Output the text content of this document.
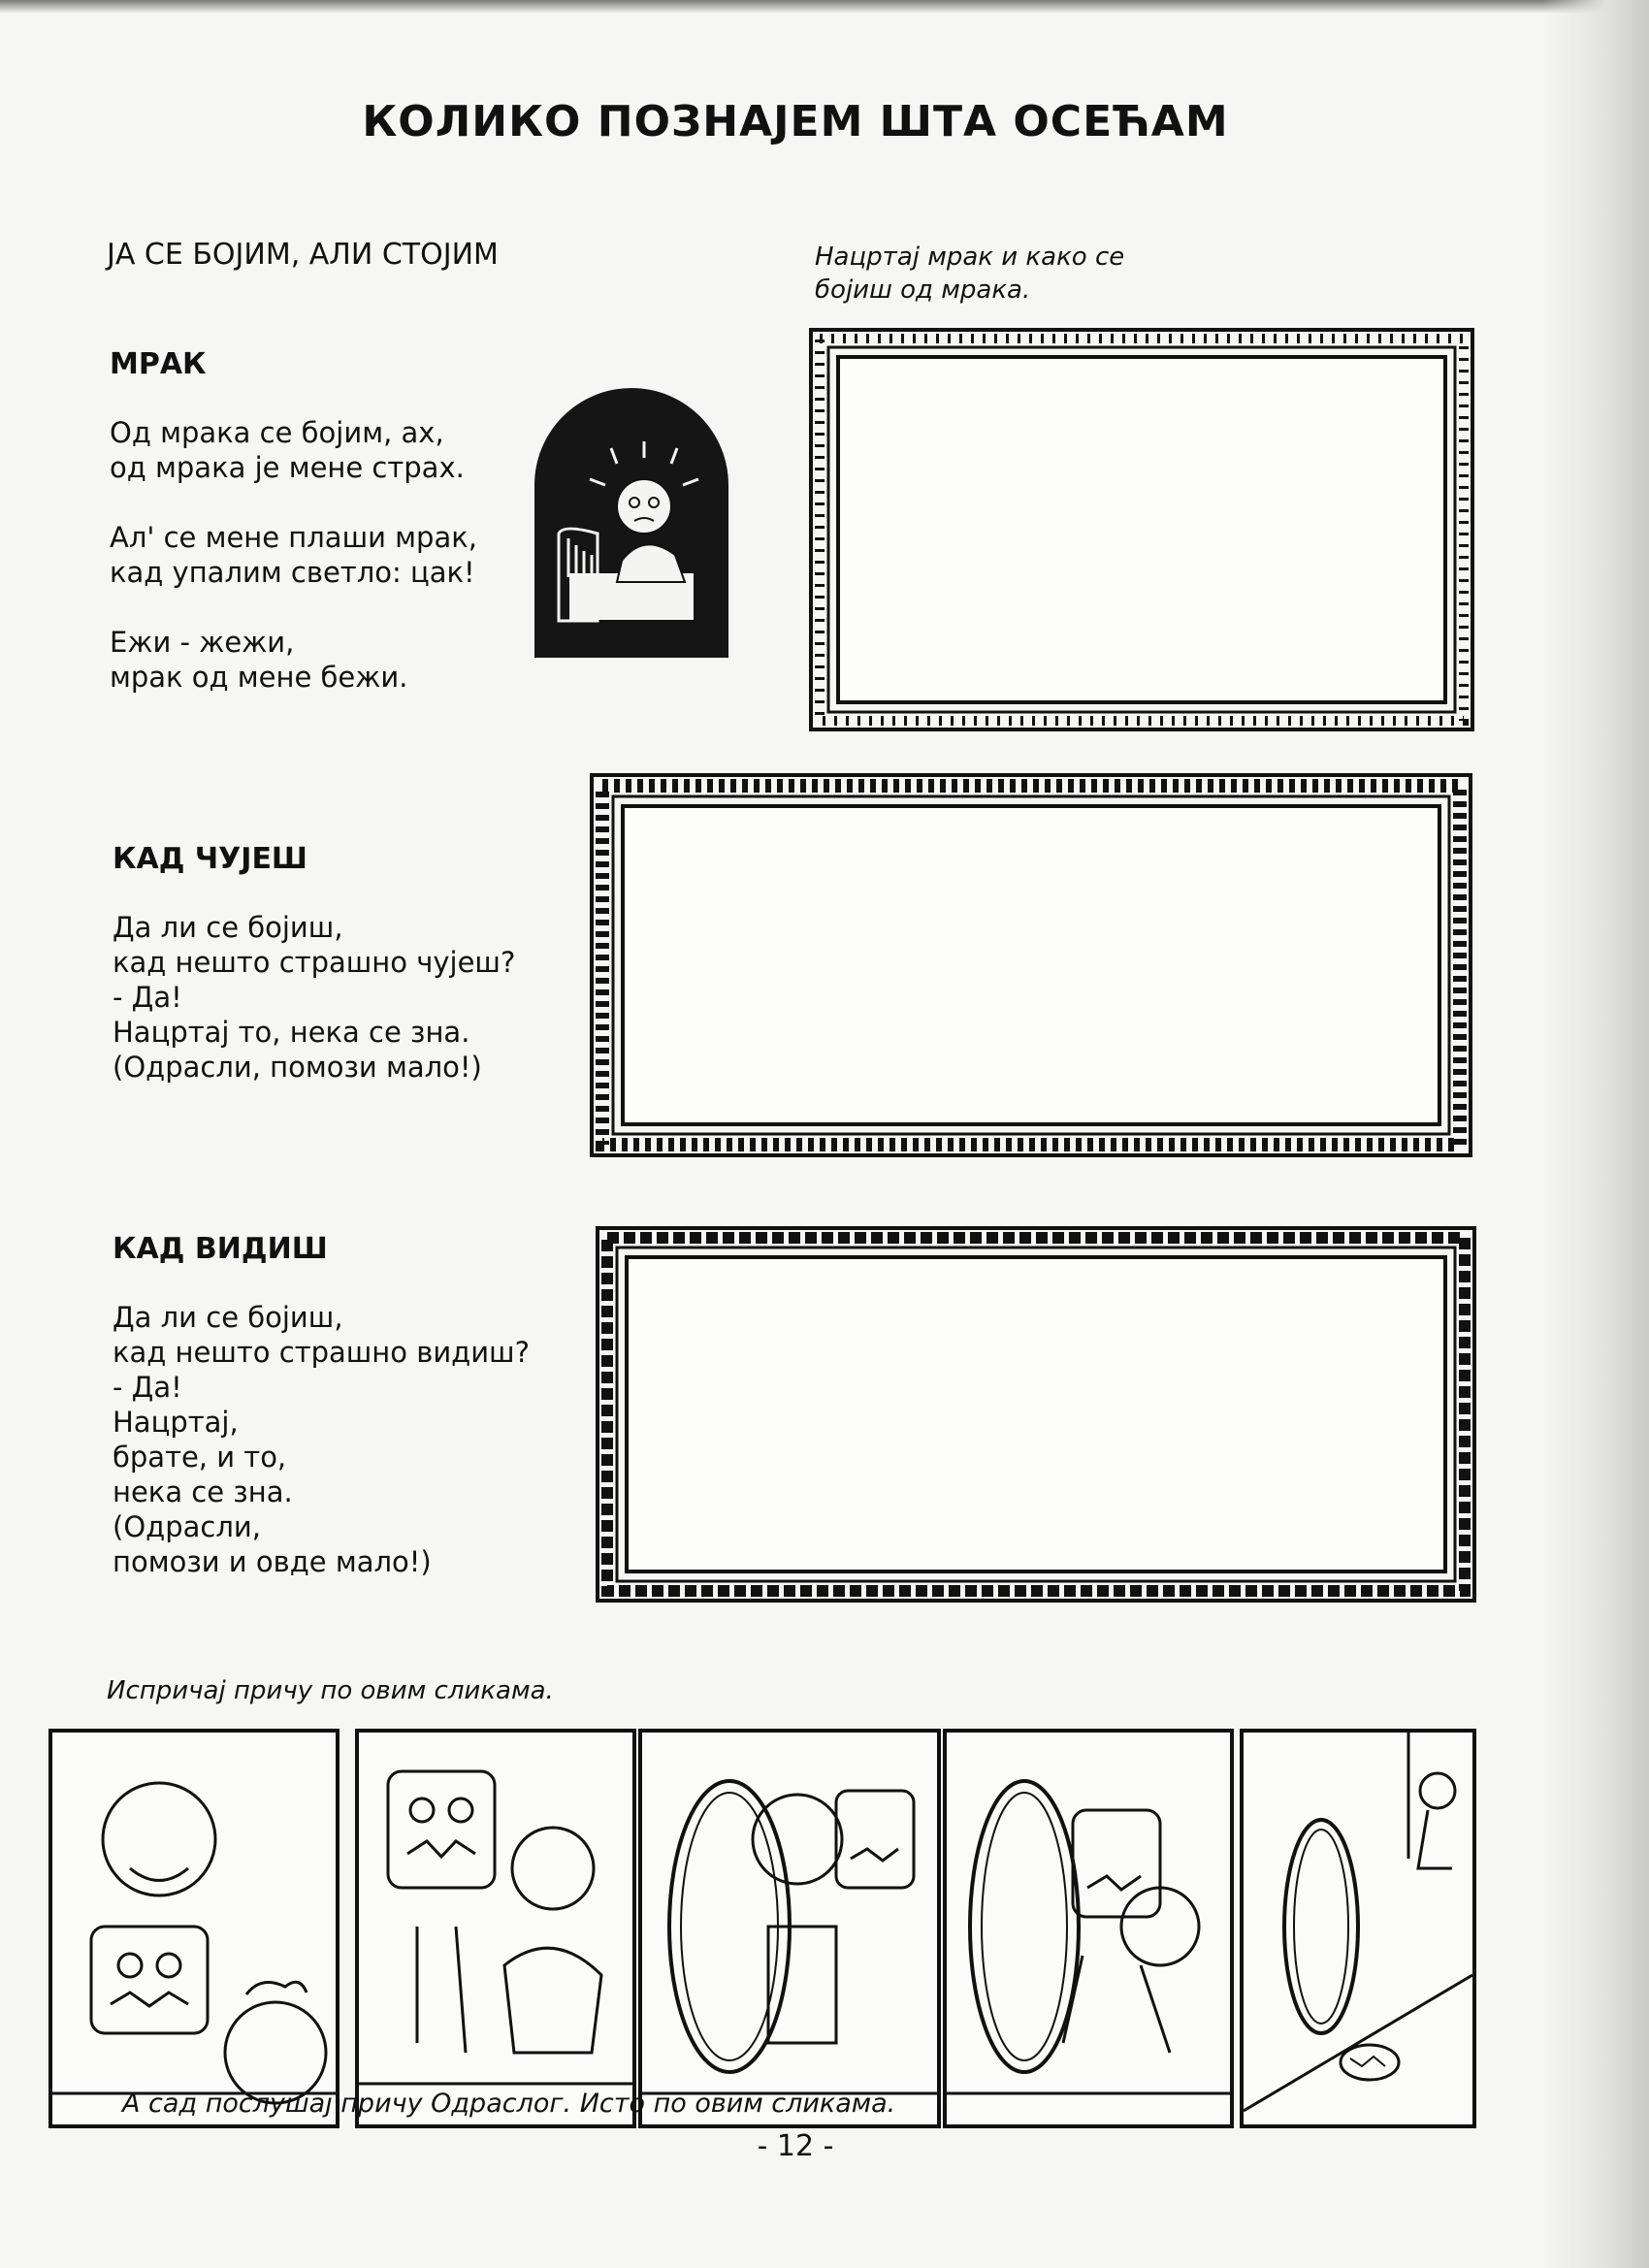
КОЛИКО ПОЗНАЈЕМ ШТА ОСЕЋАМ
ЈА СЕ БОЈИМ, АЛИ СТОЈИМ	Нацртај мрак и како се
бојиш од мрака.
МРАК
Од мрака се бојим, ах,
од мрака је мене страх.

Ал' се мене плаши мрак,
кад упалим светло: цак!

Ежи - жежи,
мрак од мене бежи.
КАД ЧУЈЕШ
Да ли се бојиш,
кад нешто страшно чујеш?
- Да!
Нацртај то, нека се зна.
(Одрасли, помози мало!)
КАД ВИДИШ
Да ли се бојиш,
кад нешто страшно видиш?
- Да!
Нацртај,
брате, и то,
нека се зна.
(Одрасли,
помози и овде мало!)
Испричај причу по овим сликама.
А сад послушај причу Одраслог. Исто по овим сликама.
- 12 -
